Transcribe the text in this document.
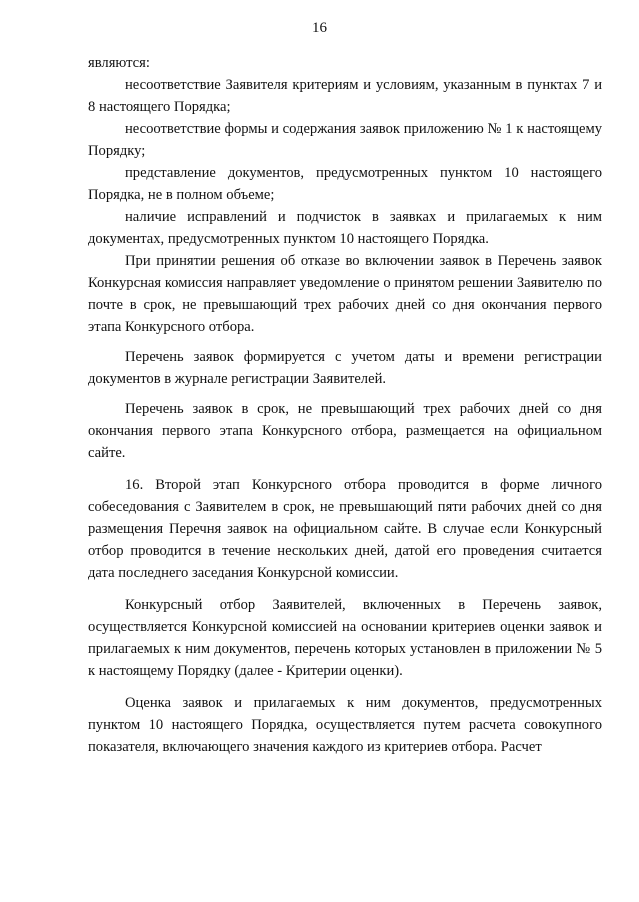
16

являются:

несоответствие Заявителя критериям и условиям, указанным в пунктах 7 и 8 настоящего Порядка;

несоответствие формы и содержания заявок приложению № 1 к настоящему Порядку;

представление документов, предусмотренных пунктом 10 настоящего Порядка, не в полном объеме;

наличие исправлений и подчисток в заявках и прилагаемых к ним документах, предусмотренных пунктом 10 настоящего Порядка.

При принятии решения об отказе во включении заявок в Перечень заявок Конкурсная комиссия направляет уведомление о принятом решении Заявителю по почте в срок, не превышающий трех рабочих дней со дня окончания первого этапа Конкурсного отбора.

Перечень заявок формируется с учетом даты и времени регистрации документов в журнале регистрации Заявителей.

Перечень заявок в срок, не превышающий трех рабочих дней со дня окончания первого этапа Конкурсного отбора, размещается на официальном сайте.

16. Второй этап Конкурсного отбора проводится в форме личного собеседования с Заявителем в срок, не превышающий пяти рабочих дней со дня размещения Перечня заявок на официальном сайте. В случае если Конкурсный отбор проводится в течение нескольких дней, датой его проведения считается дата последнего заседания Конкурсной комиссии.

Конкурсный отбор Заявителей, включенных в Перечень заявок, осуществляется Конкурсной комиссией на основании критериев оценки заявок и прилагаемых к ним документов, перечень которых установлен в приложении № 5 к настоящему Порядку (далее - Критерии оценки).

Оценка заявок и прилагаемых к ним документов, предусмотренных пунктом 10 настоящего Порядка, осуществляется путем расчета совокупного показателя, включающего значения каждого из критериев отбора. Расчет
